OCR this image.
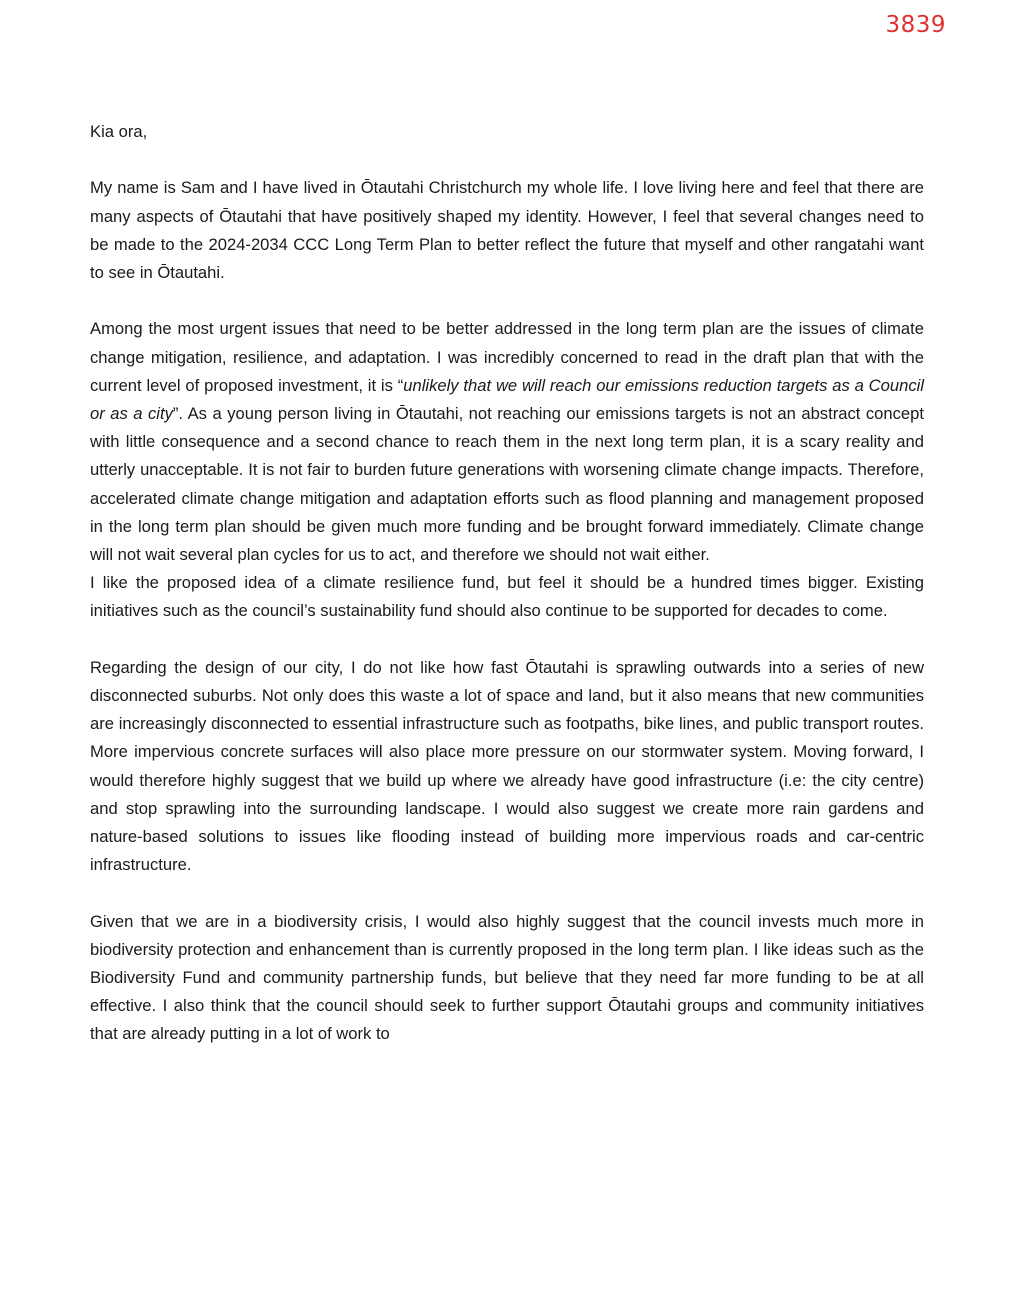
3839

Kia ora,

My name is Sam and I have lived in Ōtautahi Christchurch my whole life. I love living here and feel that there are many aspects of Ōtautahi that have positively shaped my identity. However, I feel that several changes need to be made to the 2024-2034 CCC Long Term Plan to better reflect the future that myself and other rangatahi want to see in Ōtautahi.

Among the most urgent issues that need to be better addressed in the long term plan are the issues of climate change mitigation, resilience, and adaptation. I was incredibly concerned to read in the draft plan that with the current level of proposed investment, it is “unlikely that we will reach our emissions reduction targets as a Council or as a city”. As a young person living in Ōtautahi, not reaching our emissions targets is not an abstract concept with little consequence and a second chance to reach them in the next long term plan, it is a scary reality and utterly unacceptable. It is not fair to burden future generations with worsening climate change impacts. Therefore, accelerated climate change mitigation and adaptation efforts such as flood planning and management proposed in the long term plan should be given much more funding and be brought forward immediately. Climate change will not wait several plan cycles for us to act, and therefore we should not wait either.

I like the proposed idea of a climate resilience fund, but feel it should be a hundred times bigger. Existing initiatives such as the council’s sustainability fund should also continue to be supported for decades to come.

Regarding the design of our city, I do not like how fast Ōtautahi is sprawling outwards into a series of new disconnected suburbs. Not only does this waste a lot of space and land, but it also means that new communities are increasingly disconnected to essential infrastructure such as footpaths, bike lines, and public transport routes. More impervious concrete surfaces will also place more pressure on our stormwater system. Moving forward, I would therefore highly suggest that we build up where we already have good infrastructure (i.e: the city centre) and stop sprawling into the surrounding landscape. I would also suggest we create more rain gardens and nature-based solutions to issues like flooding instead of building more impervious roads and car-centric infrastructure.

Given that we are in a biodiversity crisis, I would also highly suggest that the council invests much more in biodiversity protection and enhancement than is currently proposed in the long term plan. I like ideas such as the Biodiversity Fund and community partnership funds, but believe that they need far more funding to be at all effective. I also think that the council should seek to further support Ōtautahi groups and community initiatives that are already putting in a lot of work to
